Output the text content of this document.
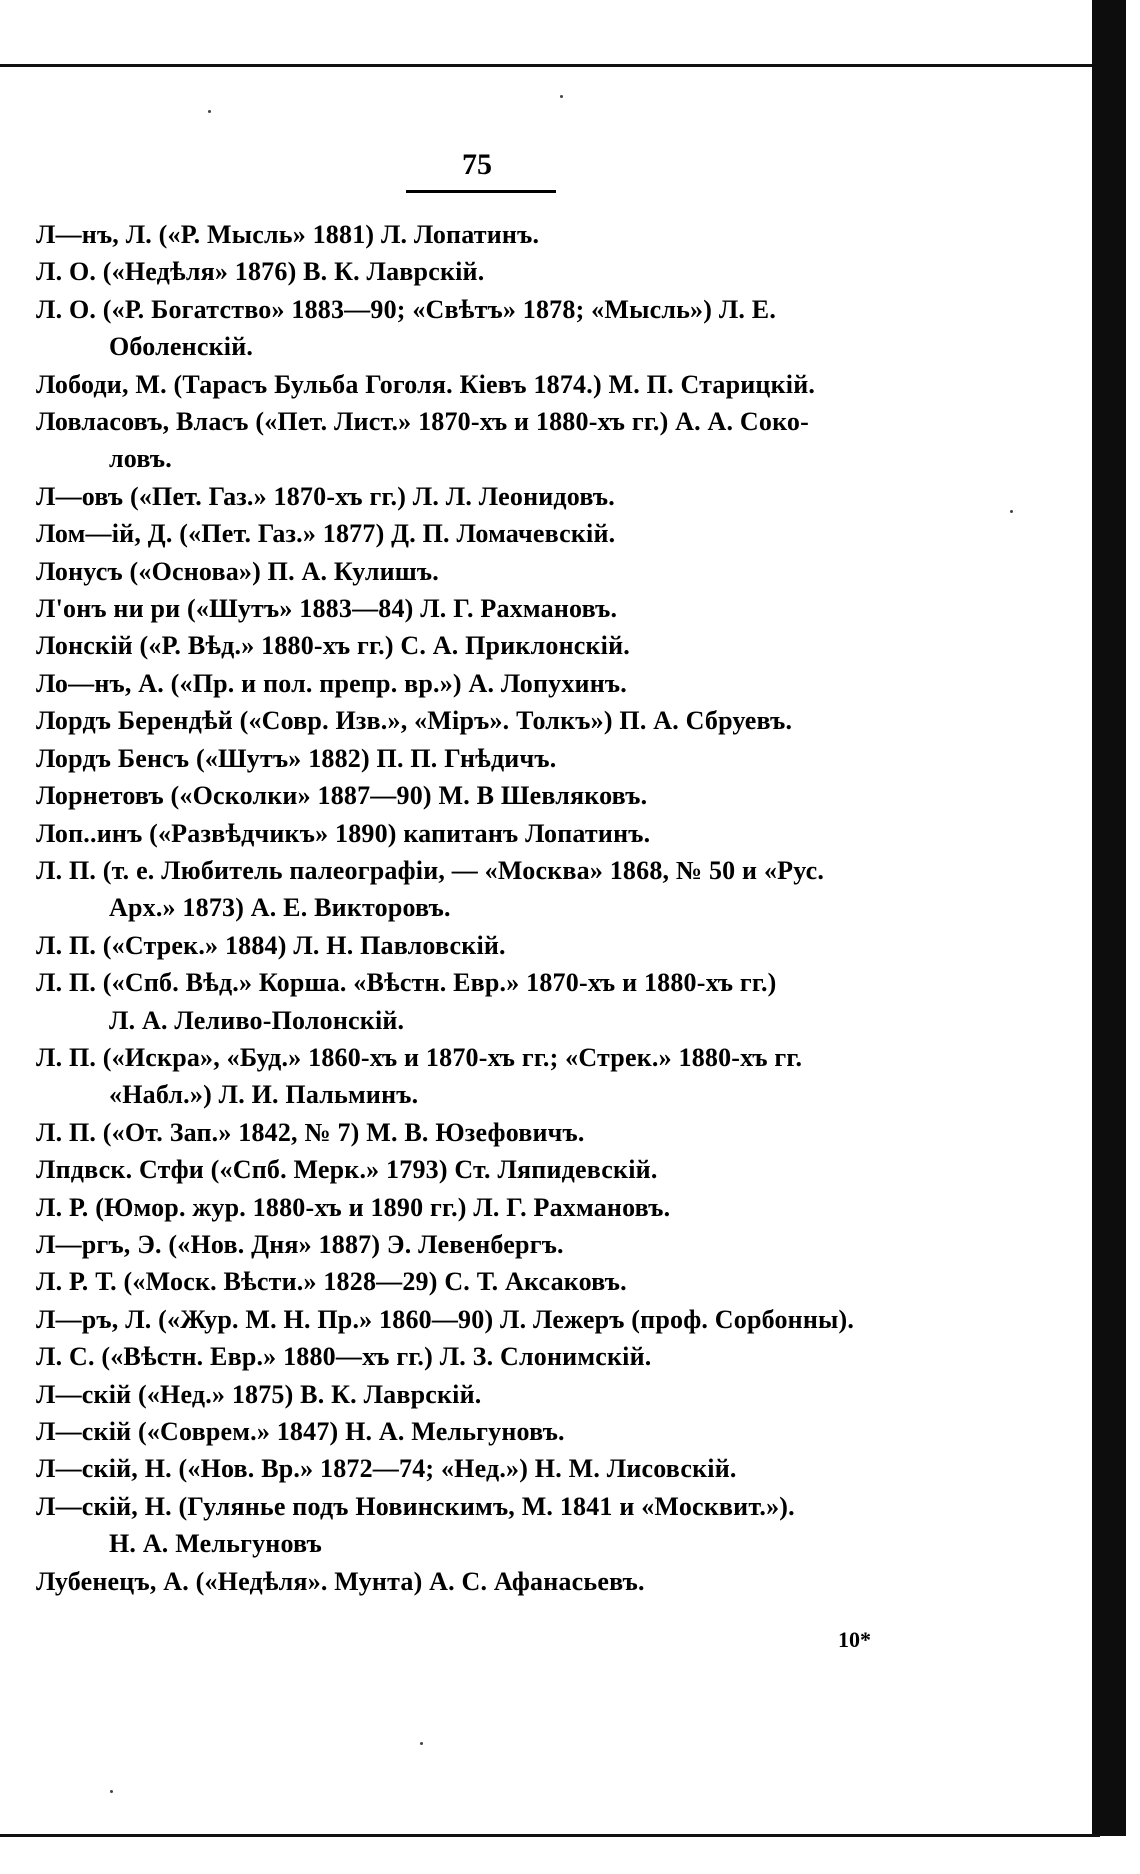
75
Л—нъ, Л. («Р. Мысль» 1881) Л. Лопатинъ.
Л. О. («Недѣля» 1876) В. К. Лаврскій.
Л. О. («Р. Богатство» 1883—90; «Свѣтъ» 1878; «Мысль») Л. Е.
Оболенскій.
Лободи, М. (Тарасъ Бульба Гоголя. Кіевъ 1874.) М. П. Старицкій.
Ловласовъ, Власъ («Пет. Лист.» 1870-хъ и 1880-хъ гг.) А. А. Соко-
ловъ.
Л—овъ («Пет. Газ.» 1870-хъ гг.) Л. Л. Леонидовъ.
Лом—ій, Д. («Пет. Газ.» 1877) Д. П. Ломачевскій.
Лонусъ («Основа») П. А. Кулишъ.
Л'онъ ни ри («Шутъ» 1883—84) Л. Г. Рахмановъ.
Лонскій («Р. Вѣд.» 1880-хъ гг.) С. А. Приклонскій.
Ло—нъ, А. («Пр. и пол. препр. вр.») А. Лопухинъ.
Лордъ Берендѣй («Совр. Изв.», «Міръ». Толкъ») П. А. Сбруевъ.
Лордъ Бенсъ («Шутъ» 1882) П. П. Гнѣдичъ.
Лорнетовъ («Осколки» 1887—90) М. В Шевляковъ.
Лоп..инъ («Развѣдчикъ» 1890) капитанъ Лопатинъ.
Л. П. (т. е. Любитель палеографіи, — «Москва» 1868, № 50 и «Рус.
Арх.» 1873) А. Е. Викторовъ.
Л. П. («Стрек.» 1884) Л. Н. Павловскій.
Л. П. («Спб. Вѣд.» Корша. «Вѣстн. Евр.» 1870-хъ и 1880-хъ гг.)
Л. А. Леливо-Полонскій.
Л. П. («Искра», «Буд.» 1860-хъ и 1870-хъ гг.; «Стрек.» 1880-хъ гг.
«Набл.») Л. И. Пальминъ.
Л. П. («От. Зап.» 1842, № 7) М. В. Юзефовичъ.
Лпдвск. Стфи («Спб. Мерк.» 1793) Ст. Ляпидевскій.
Л. Р. (Юмор. жур. 1880-хъ и 1890 гг.) Л. Г. Рахмановъ.
Л—ргъ, Э. («Нов. Дня» 1887) Э. Левенбергъ.
Л. Р. Т. («Моск. Вѣсти.» 1828—29) С. Т. Аксаковъ.
Л—ръ, Л. («Жур. М. Н. Пр.» 1860—90) Л. Лежеръ (проф. Сорбонны).
Л. С. («Вѣстн. Евр.» 1880—хъ гг.) Л. З. Слонимскій.
Л—скій («Нед.» 1875) В. К. Лаврскій.
Л—скій («Соврем.» 1847) Н. А. Мельгуновъ.
Л—скій, Н. («Нов. Вр.» 1872—74; «Нед.») Н. М. Лисовскій.
Л—скій, Н. (Гулянье подъ Новинскимъ, М. 1841 и «Москвит.»).
Н. А. Мельгуновъ
Лубенецъ, А. («Недѣля». Мунта) А. С. Афанасьевъ.
10*
